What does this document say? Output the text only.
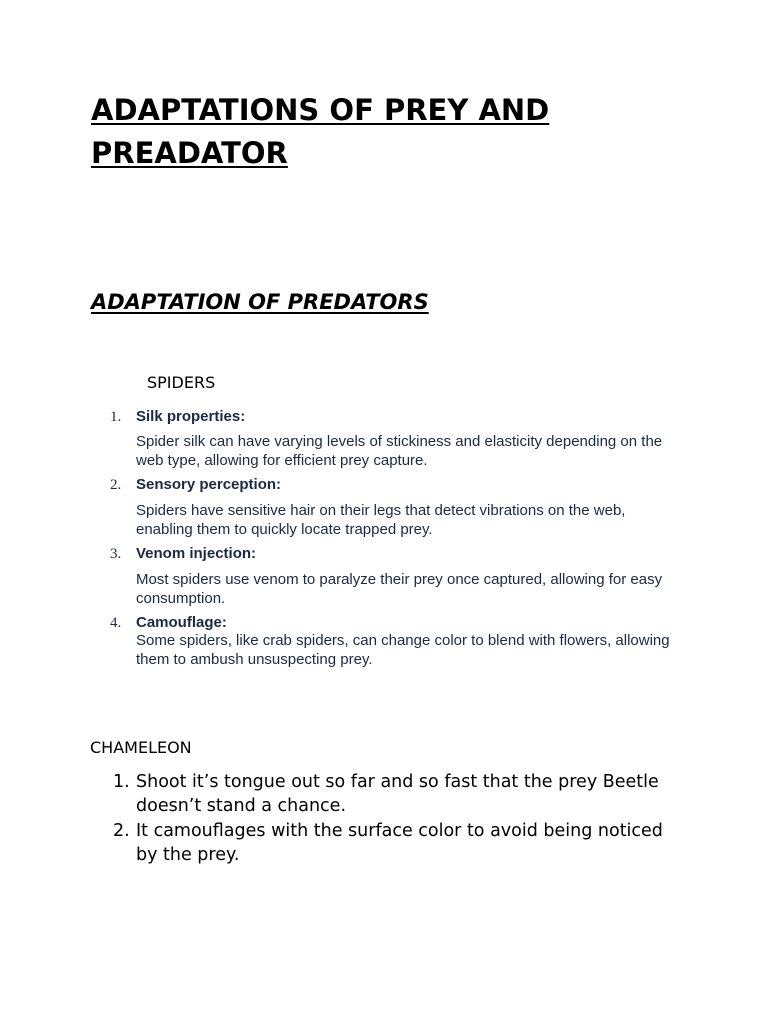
ADAPTATIONS OF PREY AND PREADATOR
ADAPTATION OF PREDATORS
SPIDERS
1. Silk properties:
Spider silk can have varying levels of stickiness and elasticity depending on the web type, allowing for efficient prey capture.
2. Sensory perception:
Spiders have sensitive hair on their legs that detect vibrations on the web, enabling them to quickly locate trapped prey.
3. Venom injection:
Most spiders use venom to paralyze their prey once captured, allowing for easy consumption.
4. Camouflage:
Some spiders, like crab spiders, can change color to blend with flowers, allowing them to ambush unsuspecting prey.
CHAMELEON
1. Shoot it’s tongue out so far and so fast that the prey Beetle doesn’t stand a chance.
2. It camouflages with the surface color to avoid being noticed by the prey.
